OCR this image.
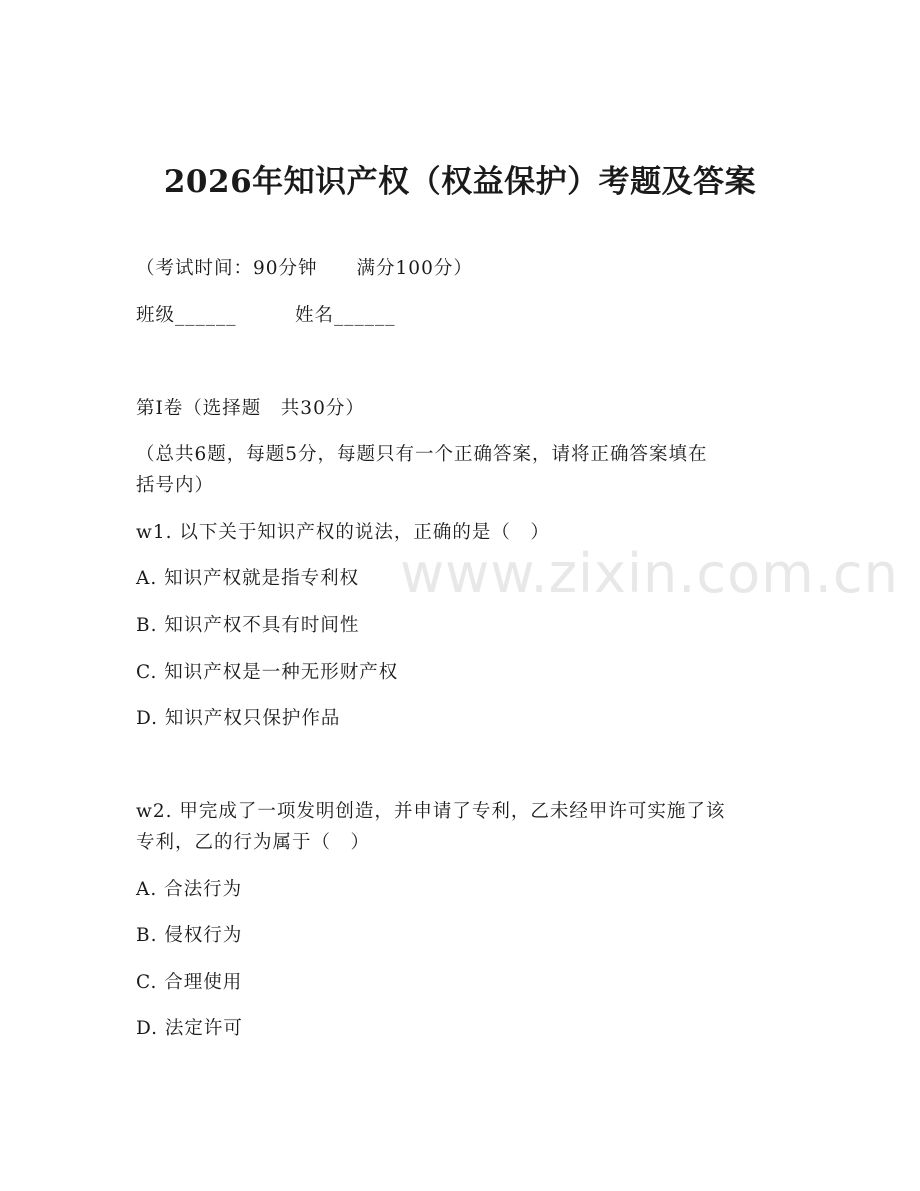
2026年知识产权（权益保护）考题及答案
（考试时间：90分钟　　满分100分）
班级______　　　姓名______
第Ⅰ卷（选择题　共30分）
（总共6题，每题5分，每题只有一个正确答案，请将正确答案填在
括号内）
w1. 以下关于知识产权的说法，正确的是（　）
A. 知识产权就是指专利权
B. 知识产权不具有时间性
C. 知识产权是一种无形财产权
D. 知识产权只保护作品
w2. 甲完成了一项发明创造，并申请了专利，乙未经甲许可实施了该
专利，乙的行为属于（　）
A. 合法行为
B. 侵权行为
C. 合理使用
D. 法定许可
www.zixin.com.cn
